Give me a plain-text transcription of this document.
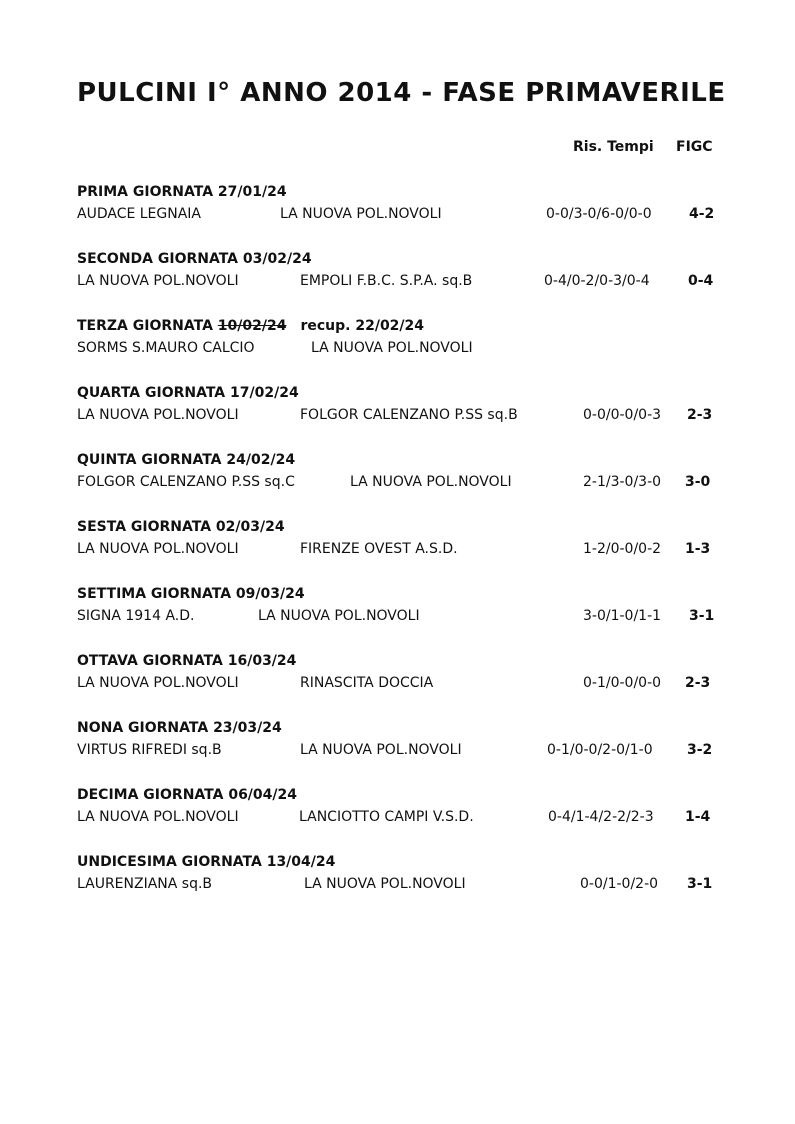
PULCINI I° ANNO 2014 - FASE PRIMAVERILE
Ris. Tempi FIGC
PRIMA GIORNATA 27/01/24
AUDACE LEGNAIA	LA NUOVA POL.NOVOLI	0-0/3-0/6-0/0-0	4-2
SECONDA GIORNATA 03/02/24
LA NUOVA POL.NOVOLI	EMPOLI F.B.C. S.P.A. sq.B	0-4/0-2/0-3/0-4	0-4
TERZA GIORNATA 10/02/24 recup. 22/02/24
SORMS S.MAURO CALCIO	LA NUOVA POL.NOVOLI
QUARTA GIORNATA 17/02/24
LA NUOVA POL.NOVOLI	FOLGOR CALENZANO P.SS sq.B	0-0/0-0/0-3 2-3
QUINTA GIORNATA 24/02/24
FOLGOR CALENZANO P.SS sq.C	LA NUOVA POL.NOVOLI	2-1/3-0/3-0 3-0
SESTA GIORNATA 02/03/24
LA NUOVA POL.NOVOLI	FIRENZE OVEST A.S.D.	1-2/0-0/0-2 1-3
SETTIMA GIORNATA 09/03/24
SIGNA 1914 A.D.	LA NUOVA POL.NOVOLI	3-0/1-0/1-1 3-1
OTTAVA GIORNATA 16/03/24
LA NUOVA POL.NOVOLI	RINASCITA DOCCIA	0-1/0-0/0-0 2-3
NONA GIORNATA 23/03/24
VIRTUS RIFREDI sq.B	LA NUOVA POL.NOVOLI	0-1/0-0/2-0/1-0 3-2
DECIMA GIORNATA 06/04/24
LA NUOVA POL.NOVOLI	LANCIOTTO CAMPI V.S.D.	0-4/1-4/2-2/2-3 1-4
UNDICESIMA GIORNATA 13/04/24
LAURENZIANA sq.B	LA NUOVA POL.NOVOLI	0-0/1-0/2-0 3-1
